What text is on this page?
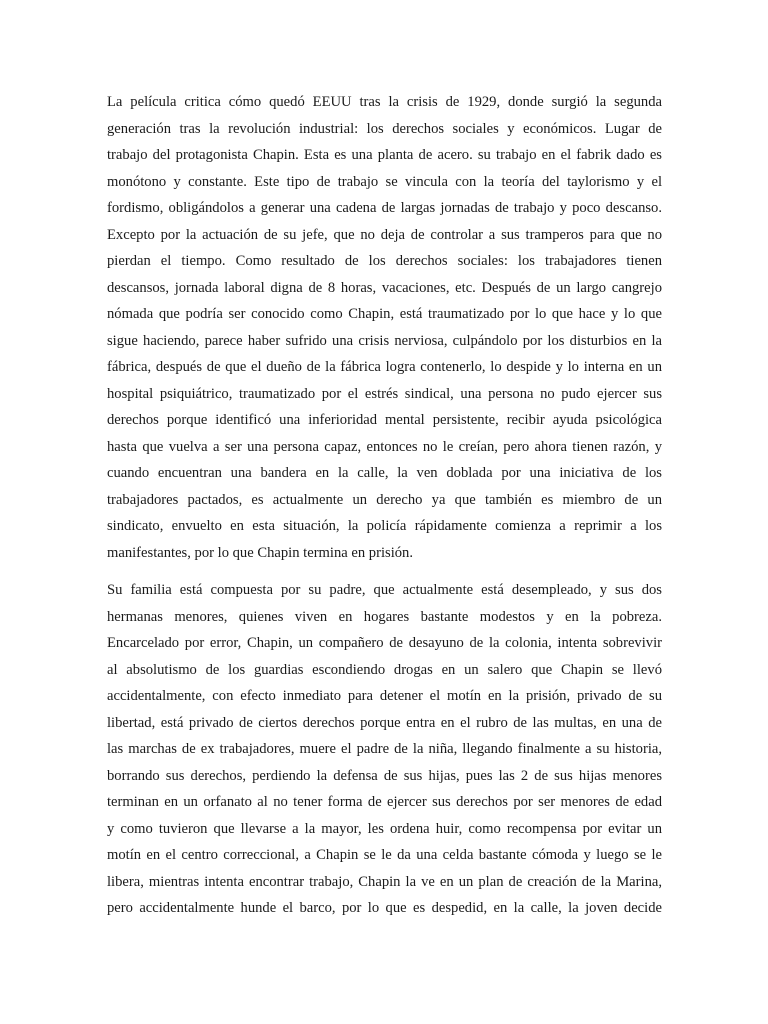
La película critica cómo quedó EEUU tras la crisis de 1929, donde surgió la segunda
generación tras la revolución industrial: los derechos sociales y económicos. Lugar de
trabajo del protagonista Chapin. Esta es una planta de acero. su trabajo en el fabrik dado es
monótono y constante. Este tipo de trabajo se vincula con la teoría del taylorismo y el
fordismo, obligándolos a generar una cadena de largas jornadas de trabajo y poco descanso.
Excepto por la actuación de su jefe, que no deja de controlar a sus tramperos para que no
pierdan el tiempo. Como resultado de los derechos sociales: los trabajadores tienen
descansos, jornada laboral digna de 8 horas, vacaciones, etc. Después de un largo cangrejo
nómada que podría ser conocido como Chapin, está traumatizado por lo que hace y lo que
sigue haciendo, parece haber sufrido una crisis nerviosa, culpándolo por los disturbios en la
fábrica, después de que el dueño de la fábrica logra contenerlo, lo despide y lo interna en un
hospital psiquiátrico, traumatizado por el estrés sindical, una persona no pudo ejercer sus
derechos porque identificó una inferioridad mental persistente, recibir ayuda psicológica
hasta que vuelva a ser una persona capaz, entonces no le creían, pero ahora tienen razón, y
cuando encuentran una bandera en la calle, la ven doblada por una iniciativa de los
trabajadores pactados, es actualmente un derecho ya que también es miembro de un
sindicato, envuelto en esta situación, la policía rápidamente comienza a reprimir a los
manifestantes, por lo que Chapin termina en prisión.

Su familia está compuesta por su padre, que actualmente está desempleado, y sus dos
hermanas menores, quienes viven en hogares bastante modestos y en la pobreza.
Encarcelado por error, Chapin, un compañero de desayuno de la colonia, intenta sobrevivir
al absolutismo de los guardias escondiendo drogas en un salero que Chapin se llevó
accidentalmente, con efecto inmediato para detener el motín en la prisión, privado de su
libertad, está privado de ciertos derechos porque entra en el rubro de las multas, en una de
las marchas de ex trabajadores, muere el padre de la niña, llegando finalmente a su historia,
borrando sus derechos, perdiendo la defensa de sus hijas, pues las 2 de sus hijas menores
terminan en un orfanato al no tener forma de ejercer sus derechos por ser menores de edad
y como tuvieron que llevarse a la mayor, les ordena huir, como recompensa por evitar un
motín en el centro correccional, a Chapin se le da una celda bastante cómoda y luego se le
libera, mientras intenta encontrar trabajo, Chapin la ve en un plan de creación de la Marina,
pero accidentalmente hunde el barco, por lo que es despedid, en la calle, la joven decide
